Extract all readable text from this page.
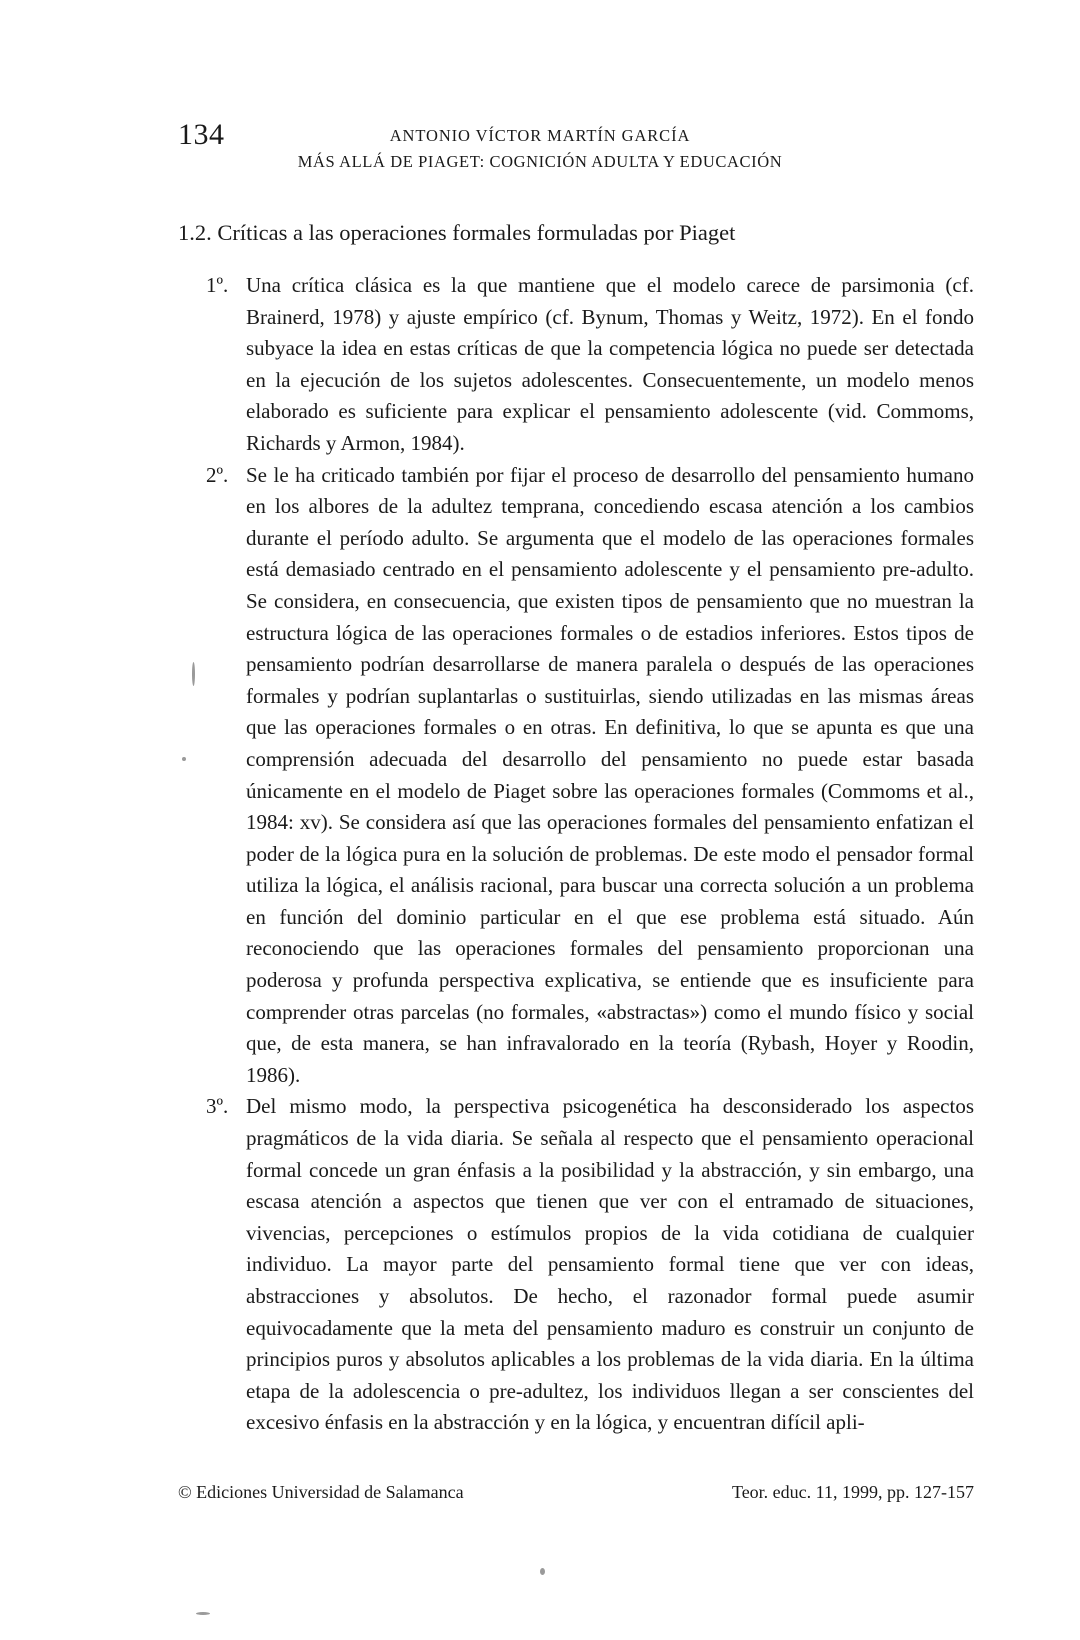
134	ANTONIO VÍCTOR MARTÍN GARCÍA
MÁS ALLÁ DE PIAGET: COGNICIÓN ADULTA Y EDUCACIÓN
1.2. Críticas a las operaciones formales formuladas por Piaget
1º. Una crítica clásica es la que mantiene que el modelo carece de parsimonia (cf. Brainerd, 1978) y ajuste empírico (cf. Bynum, Thomas y Weitz, 1972). En el fondo subyace la idea en estas críticas de que la competencia lógica no puede ser detectada en la ejecución de los sujetos adolescentes. Consecuentemente, un modelo menos elaborado es suficiente para explicar el pensamiento adolescente (vid. Commoms, Richards y Armon, 1984).

2º. Se le ha criticado también por fijar el proceso de desarrollo del pensamiento humano en los albores de la adultez temprana, concediendo escasa atención a los cambios durante el período adulto. Se argumenta que el modelo de las operaciones formales está demasiado centrado en el pensamiento adolescente y el pensamiento pre-adulto. Se considera, en consecuencia, que existen tipos de pensamiento que no muestran la estructura lógica de las operaciones formales o de estadios inferiores. Estos tipos de pensamiento podrían desarrollarse de manera paralela o después de las operaciones formales y podrían suplantarlas o sustituirlas, siendo utilizadas en las mismas áreas que las operaciones formales o en otras. En definitiva, lo que se apunta es que una comprensión adecuada del desarrollo del pensamiento no puede estar basada únicamente en el modelo de Piaget sobre las operaciones formales (Commoms et al., 1984: xv). Se considera así que las operaciones formales del pensamiento enfatizan el poder de la lógica pura en la solución de problemas. De este modo el pensador formal utiliza la lógica, el análisis racional, para buscar una correcta solución a un problema en función del dominio particular en el que ese problema está situado. Aún reconociendo que las operaciones formales del pensamiento proporcionan una poderosa y profunda perspectiva explicativa, se entiende que es insuficiente para comprender otras parcelas (no formales, «abstractas») como el mundo físico y social que, de esta manera, se han infravalorado en la teoría (Rybash, Hoyer y Roodin, 1986).

3º. Del mismo modo, la perspectiva psicogenética ha desconsiderado los aspectos pragmáticos de la vida diaria. Se señala al respecto que el pensamiento operacional formal concede un gran énfasis a la posibilidad y la abstracción, y sin embargo, una escasa atención a aspectos que tienen que ver con el entramado de situaciones, vivencias, percepciones o estímulos propios de la vida cotidiana de cualquier individuo. La mayor parte del pensamiento formal tiene que ver con ideas, abstracciones y absolutos. De hecho, el razonador formal puede asumir equivocadamente que la meta del pensamiento maduro es construir un conjunto de principios puros y absolutos aplicables a los problemas de la vida diaria. En la última etapa de la adolescencia o pre-adultez, los individuos llegan a ser conscientes del excesivo énfasis en la abstracción y en la lógica, y encuentran difícil apli-

© Ediciones Universidad de Salamanca	Teor. educ. 11, 1999, pp. 127-157
